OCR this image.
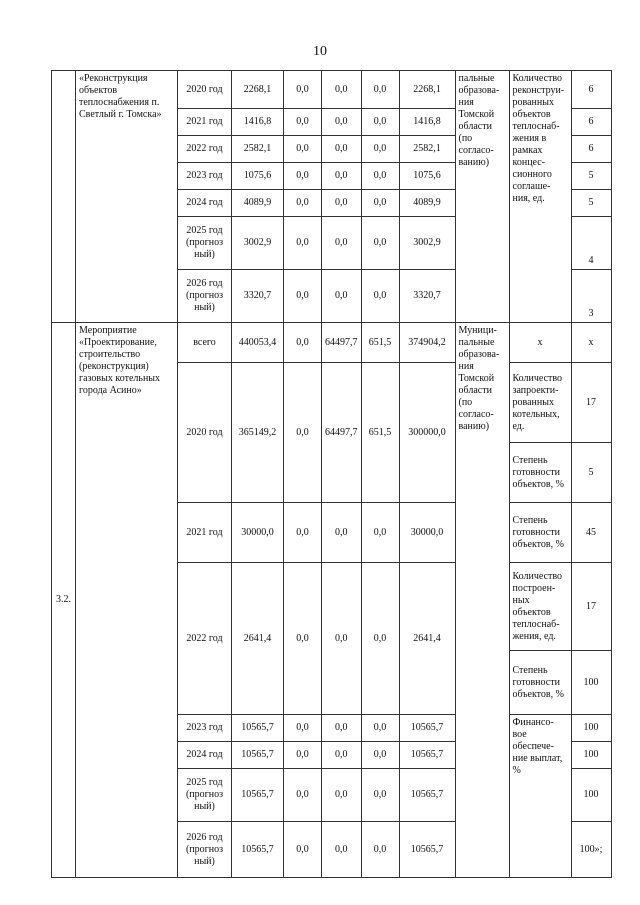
10
	«Реконструкция объектов теплоснабжения п. Светлый г. Томска»	2020 год	2268,1	0,0	0,0	0,0	2268,1	пальные образова-ния Томской области (по согласо-ванию)	Количество реконструи-рованных объектов теплоснаб-жения в рамках концес-сионного соглаше-ния, ед.	6
		2021 год	1416,8	0,0	0,0	0,0	1416,8			6
		2022 год	2582,1	0,0	0,0	0,0	2582,1			6
		2023 год	1075,6	0,0	0,0	0,0	1075,6			5
		2024 год	4089,9	0,0	0,0	0,0	4089,9			5
		2025 год (прогноз ный)	3002,9	0,0	0,0	0,0	3002,9			4
		2026 год (прогноз ный)	3320,7	0,0	0,0	0,0	3320,7			3
3.2.	Мероприятие «Проектирование, строительство (реконструкция) газовых котельных города Асино»	всего	440053,4	0,0	64497,7	651,5	374904,2	Муници-пальные образова-ния Томской области (по согласо-ванию)	x	x
		2020 год	365149,2	0,0	64497,7	651,5	300000,0		Количество запроекти-рованных котельных, ед.	17
									Степень готовности объектов, %	5
		2021 год	30000,0	0,0	0,0	0,0	30000,0		Степень готовности объектов, %	45
		2022 год	2641,4	0,0	0,0	0,0	2641,4		Количество построен-ных объектов теплоснаб-жения, ед.	17
									Степень готовности объектов, %	100
		2023 год	10565,7	0,0	0,0	0,0	10565,7		Финансо-вое обеспече-ние выплат, %	100
		2024 год	10565,7	0,0	0,0	0,0	10565,7			100
		2025 год (прогноз ный)	10565,7	0,0	0,0	0,0	10565,7			100
		2026 год (прогноз ный)	10565,7	0,0	0,0	0,0	10565,7			100»;
